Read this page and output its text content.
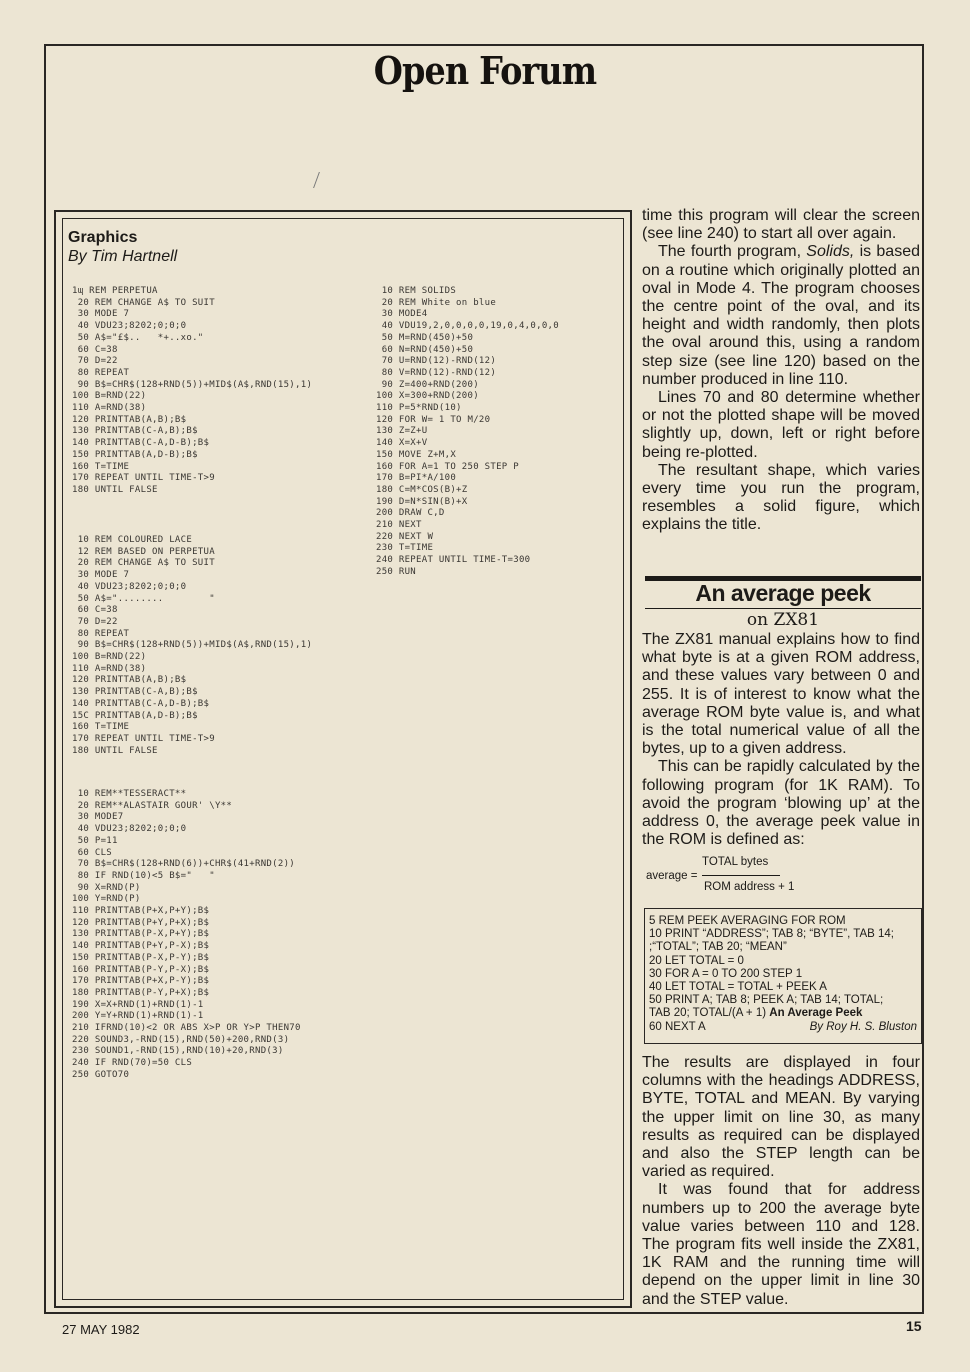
Open Forum
Graphics
By Tim Hartnell
1ɰ REM PERPETUA
20 REM CHANGE A$ TO SUIT
30 MODE 7
40 VDU23;8202;0;0;0
50 A$="£$..   *+..xo."
60 C=38
70 D=22
80 REPEAT
90 B$=CHR$(128+RND(5))+MID$(A$,RND(15),1)
100 B=RND(22)
110 A=RND(38)
120 PRINTTAB(A,B);B$
130 PRINTTAB(C-A,B);B$
140 PRINTTAB(C-A,D-B);B$
150 PRINTTAB(A,D-B);B$
160 T=TIME
170 REPEAT UNTIL TIME-T>9
180 UNTIL FALSE
10 REM COLOURED LACE
12 REM BASED ON PERPETUA
20 REM CHANGE A$ TO SUIT
30 MODE 7
40 VDU23;8202;0;0;0
50 A$="........        "
60 C=38
70 D=22
80 REPEAT
90 B$=CHR$(128+RND(5))+MID$(A$,RND(15),1)
100 B=RND(22)
110 A=RND(38)
120 PRINTTAB(A,B);B$
130 PRINTTAB(C-A,B);B$
140 PRINTTAB(C-A,D-B);B$
15C PRINTTAB(A,D-B);B$
160 T=TIME
170 REPEAT UNTIL TIME-T>9
180 UNTIL FALSE
10 REM**TESSERACT**
20 REM**ALASTAIR GOUR' \Y**
30 MODE7
40 VDU23;8202;0;0;0
50 P=11
60 CLS
70 B$=CHR$(128+RND(6))+CHR$(41+RND(2))
80 IF RND(10)<5 B$="   "
90 X=RND(P)
100 Y=RND(P)
110 PRINTTAB(P+X,P+Y);B$
120 PRINTTAB(P+Y,P+X);B$
130 PRINTTAB(P-X,P+Y);B$
140 PRINTTAB(P+Y,P-X);B$
150 PRINTTAB(P-X,P-Y);B$
160 PRINTTAB(P-Y,P-X);B$
170 PRINTTAB(P+X,P-Y);B$
180 PRINTTAB(P-Y,P+X);B$
190 X=X+RND(1)+RND(1)-1
200 Y=Y+RND(1)+RND(1)-1
210 IFRND(10)<2 OR ABS X>P OR Y>P THEN70
220 SOUND3,-RND(15),RND(50)+200,RND(3)
230 SOUND1,-RND(15),RND(10)+20,RND(3)
240 IF RND(70)=50 CLS
250 GOTO70
10 REM SOLIDS
20 REM White on blue
30 MODE4
40 VDU19,2,0,0,0,0,19,0,4,0,0,0
50 M=RND(450)+50
60 N=RND(450)+50
70 U=RND(12)-RND(12)
80 V=RND(12)-RND(12)
90 Z=400+RND(200)
100 X=300+RND(200)
110 P=5*RND(10)
120 FOR W= 1 TO M/20
130 Z=Z+U
140 X=X+V
150 MOVE Z+M,X
160 FOR A=1 TO 250 STEP P
170 B=PI*A/100
180 C=M*COS(B)+Z
190 D=N*SIN(B)+X
200 DRAW C,D
210 NEXT
220 NEXT W
230 T=TIME
240 REPEAT UNTIL TIME-T=300
250 RUN

time this program will clear the screen (see line 240) to start all over again.

The fourth program, Solids, is based on a routine which originally plotted an oval in Mode 4. The program chooses the centre point of the oval, and its height and width randomly, then plots the oval around this, using a random step size (see line 120) based on the number produced in line 110.

Lines 70 and 80 determine whether or not the plotted shape will be moved slightly up, down, left or right before being re-plotted.

The resultant shape, which varies every time you run the program, resembles a solid figure, which explains the title.

An average peek
on ZX81

The ZX81 manual explains how to find what byte is at a given ROM address, and these values vary between 0 and 255. It is of interest to know what the average ROM byte value is, and what is the total numerical value of all the bytes, up to a given address.

This can be rapidly calculated by the following program (for 1K RAM). To avoid the program ‘blowing up’ at the address 0, the average peek value in the ROM is defined as:

TOTAL bytes
average =
ROM address + 1
5 REM PEEK AVERAGING FOR ROM
10 PRINT “ADDRESS”; TAB 8; “BYTE”, TAB 14;
;“TOTAL”; TAB 20; “MEAN”
20 LET TOTAL = 0
30 FOR A = 0 TO 200 STEP 1
40 LET TOTAL = TOTAL + PEEK A
50 PRINT A; TAB 8; PEEK A; TAB 14; TOTAL;
TAB 20; TOTAL/(A + 1) An Average Peek
60 NEXT A	By Roy H. S. Bluston

The results are displayed in four columns with the headings ADDRESS, BYTE, TOTAL and MEAN. By varying the upper limit on line 30, as many results as required can be displayed and also the STEP length can be varied as required.

It was found that for address numbers up to 200 the average byte value varies between 110 and 128. The program fits well inside the ZX81, 1K RAM and the running time will depend on the upper limit in line 30 and the STEP value.

27 MAY 1982	15
